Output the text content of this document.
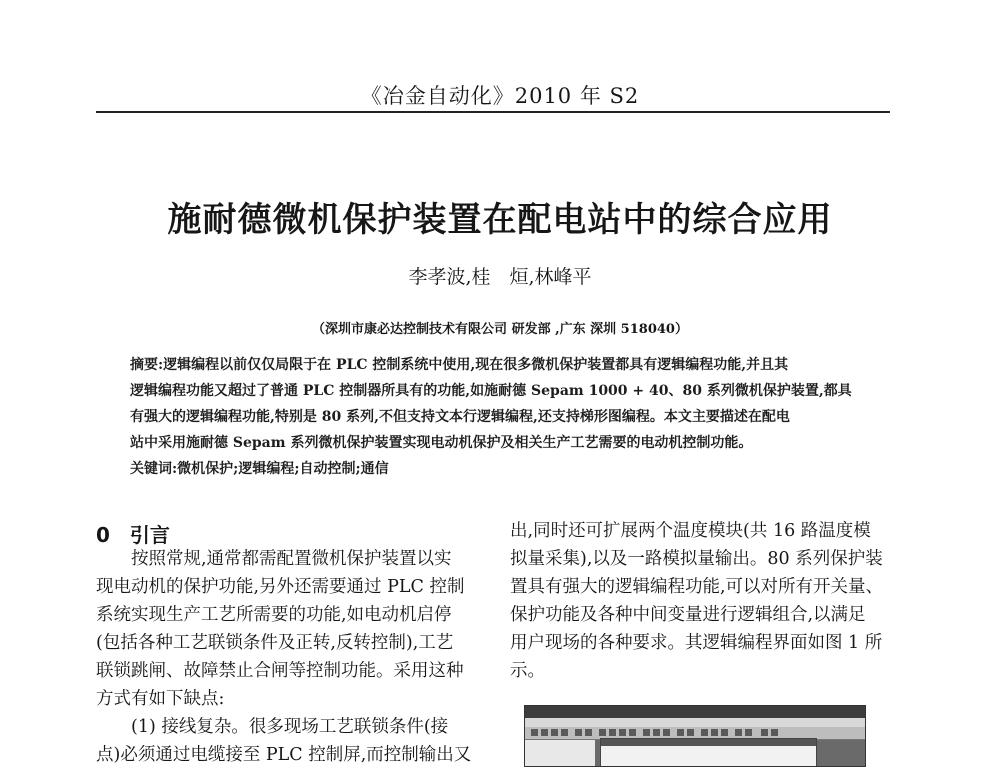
《冶金自动化》2010 年 S2
施耐德微机保护装置在配电站中的综合应用
李孝波,桂　烜,林峰平
（深圳市康必达控制技术有限公司 研发部 ,广东 深圳 518040）
摘要:逻辑编程以前仅仅局限于在 PLC 控制系统中使用,现在很多微机保护装置都具有逻辑编程功能,并且其
逻辑编程功能又超过了普通 PLC 控制器所具有的功能,如施耐德 Sepam 1000 + 40、80 系列微机保护装置,都具
有强大的逻辑编程功能,特别是 80 系列,不但支持文本行逻辑编程,还支持梯形图编程。本文主要描述在配电
站中采用施耐德 Sepam 系列微机保护装置实现电动机保护及相关生产工艺需要的电动机控制功能。
关键词:微机保护;逻辑编程;自动控制;通信
0　引言
　　按照常规,通常都需配置微机保护装置以实
现电动机的保护功能,另外还需要通过 PLC 控制
系统实现生产工艺所需要的功能,如电动机启停
(包括各种工艺联锁条件及正转,反转控制),工艺
联锁跳闸、故障禁止合闸等控制功能。采用这种
方式有如下缺点:
　　(1) 接线复杂。很多现场工艺联锁条件(接
点)必须通过电缆接至 PLC 控制屏,而控制输出又
出,同时还可扩展两个温度模块(共 16 路温度模
拟量采集),以及一路模拟量输出。80 系列保护装
置具有强大的逻辑编程功能,可以对所有开关量、
保护功能及各种中间变量进行逻辑组合,以满足
用户现场的各种要求。其逻辑编程界面如图 1 所
示。
